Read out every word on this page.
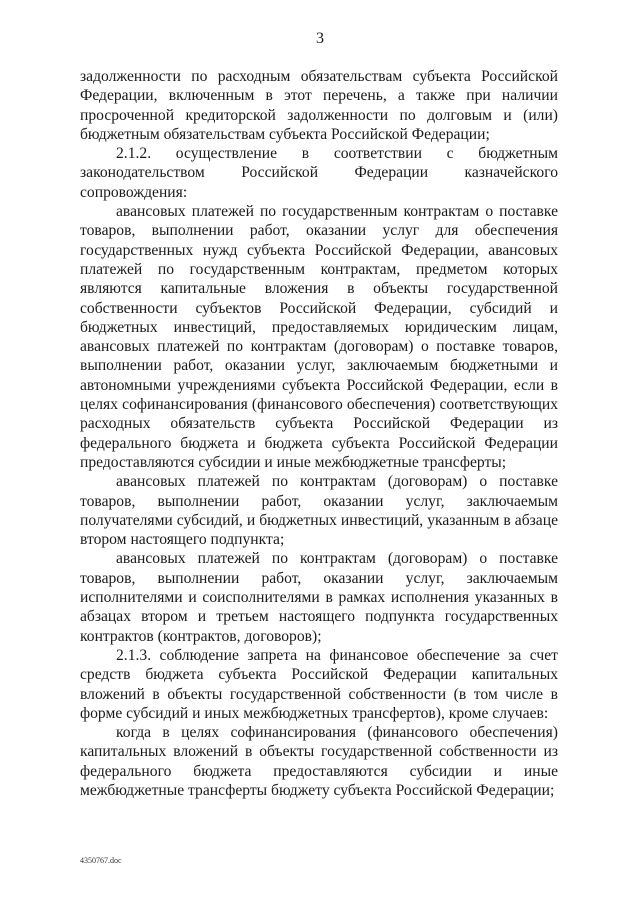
3

задолженности по расходным обязательствам субъекта Российской Федерации, включенным в этот перечень, а также при наличии просроченной кредиторской задолженности по долговым и (или) бюджетным обязательствам субъекта Российской Федерации;

2.1.2. осуществление в соответствии с бюджетным законодательством Российской Федерации казначейского сопровождения:

авансовых платежей по государственным контрактам о поставке товаров, выполнении работ, оказании услуг для обеспечения государственных нужд субъекта Российской Федерации, авансовых платежей по государственным контрактам, предметом которых являются капитальные вложения в объекты государственной собственности субъектов Российской Федерации, субсидий и бюджетных инвестиций, предоставляемых юридическим лицам, авансовых платежей по контрактам (договорам) о поставке товаров, выполнении работ, оказании услуг, заключаемым бюджетными и автономными учреждениями субъекта Российской Федерации, если в целях софинансирования (финансового обеспечения) соответствующих расходных обязательств субъекта Российской Федерации из федерального бюджета и бюджета субъекта Российской Федерации предоставляются субсидии и иные межбюджетные трансферты;

авансовых платежей по контрактам (договорам) о поставке товаров, выполнении работ, оказании услуг, заключаемым получателями субсидий, и бюджетных инвестиций, указанным в абзаце втором настоящего подпункта;

авансовых платежей по контрактам (договорам) о поставке товаров, выполнении работ, оказании услуг, заключаемым исполнителями и соисполнителями в рамках исполнения указанных в абзацах втором и третьем настоящего подпункта государственных контрактов (контрактов, договоров);

2.1.3. соблюдение запрета на финансовое обеспечение за счет средств бюджета субъекта Российской Федерации капитальных вложений в объекты государственной собственности (в том числе в форме субсидий и иных межбюджетных трансфертов), кроме случаев:

когда в целях софинансирования (финансового обеспечения) капитальных вложений в объекты государственной собственности из федерального бюджета предоставляются субсидии и иные межбюджетные трансферты бюджету субъекта Российской Федерации;

4350767.doc
